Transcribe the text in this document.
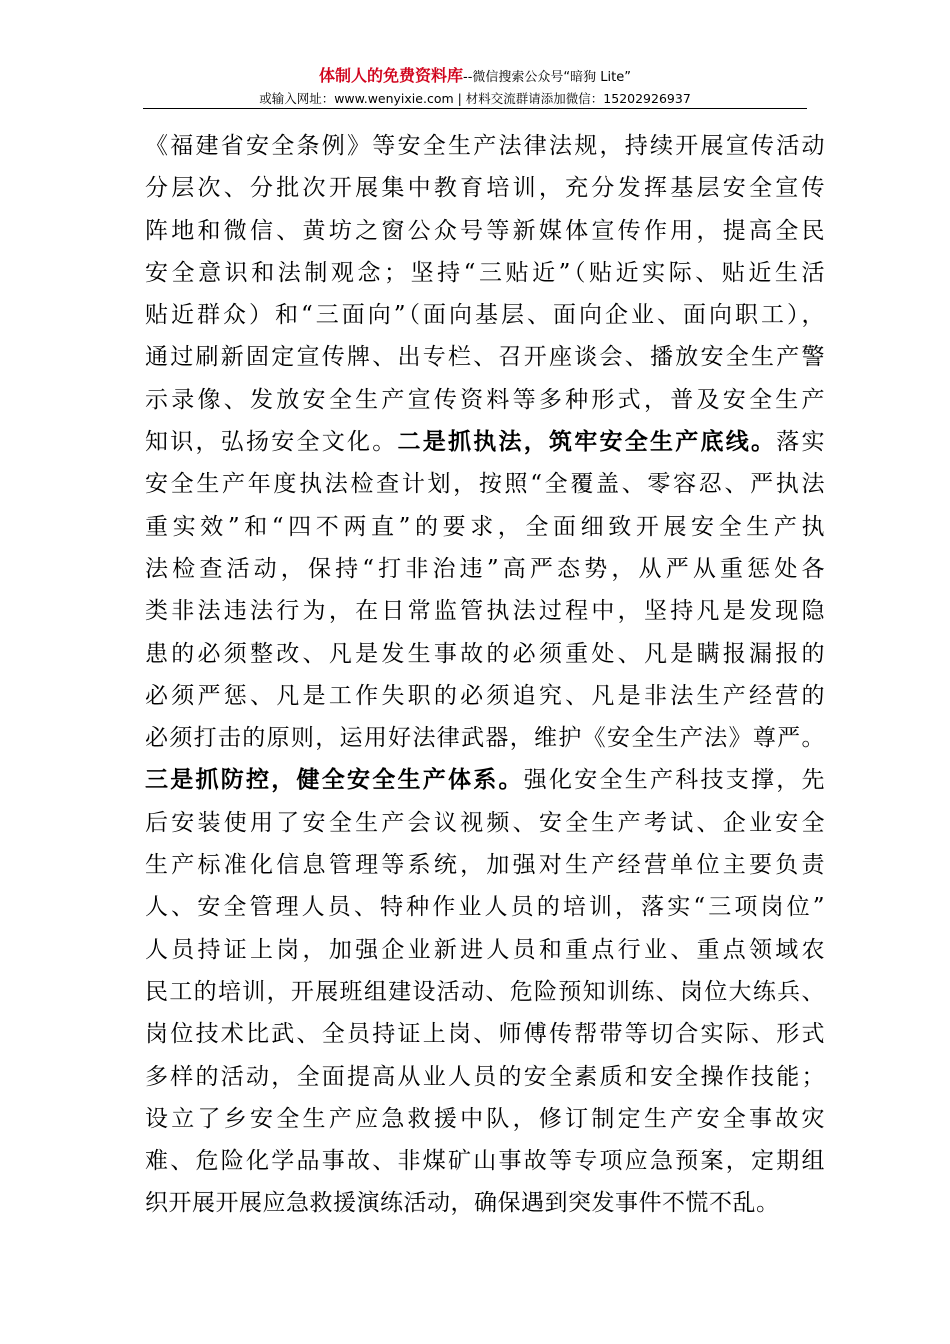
体制人的免费资料库--微信搜索公众号“暗狗 Lite”
或输入网址：www.wenyixie.com | 材料交流群请添加微信：15202926937
《福建省安全条例》等安全生产法律法规，持续开展宣传活动
分层次、分批次开展集中教育培训，充分发挥基层安全宣传
阵地和微信、黄坊之窗公众号等新媒体宣传作用，提高全民
安全意识和法制观念；坚持“三贴近”（贴近实际、贴近生活
贴近群众）和“三面向”（面向基层、面向企业、面向职工），
通过刷新固定宣传牌、出专栏、召开座谈会、播放安全生产警
示录像、发放安全生产宣传资料等多种形式，普及安全生产
知识，弘扬安全文化。二是抓执法，筑牢安全生产底线。落实
安全生产年度执法检查计划，按照“全覆盖、零容忍、严执法
重实效”和“四不两直”的要求，全面细致开展安全生产执
法检查活动，保持“打非治违”高严态势，从严从重惩处各
类非法违法行为，在日常监管执法过程中，坚持凡是发现隐
患的必须整改、凡是发生事故的必须重处、凡是瞒报漏报的
必须严惩、凡是工作失职的必须追究、凡是非法生产经营的
必须打击的原则，运用好法律武器，维护《安全生产法》尊严。
三是抓防控，健全安全生产体系。强化安全生产科技支撑，先
后安装使用了安全生产会议视频、安全生产考试、企业安全
生产标准化信息管理等系统，加强对生产经营单位主要负责
人、安全管理人员、特种作业人员的培训，落实“三项岗位”
人员持证上岗，加强企业新进人员和重点行业、重点领域农
民工的培训，开展班组建设活动、危险预知训练、岗位大练兵、
岗位技术比武、全员持证上岗、师傅传帮带等切合实际、形式
多样的活动，全面提高从业人员的安全素质和安全操作技能；
设立了乡安全生产应急救援中队，修订制定生产安全事故灾
难、危险化学品事故、非煤矿山事故等专项应急预案，定期组
织开展开展应急救援演练活动，确保遇到突发事件不慌不乱。
